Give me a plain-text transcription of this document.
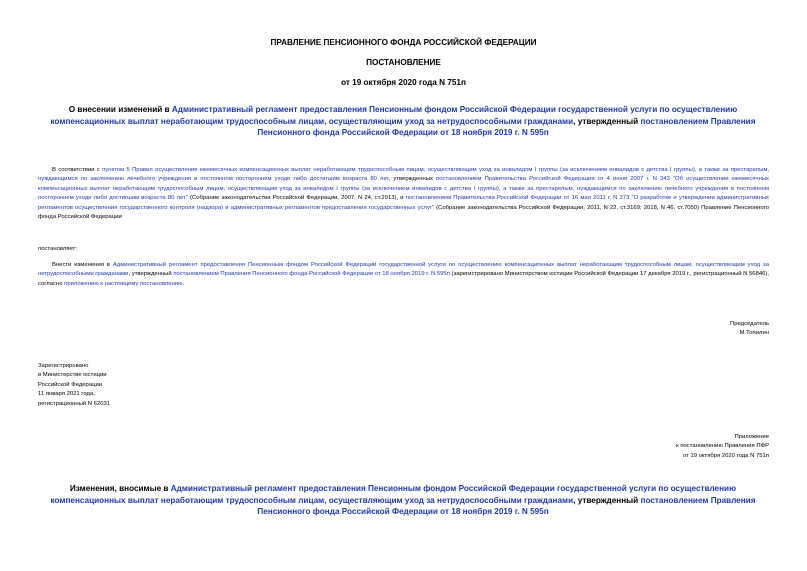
ПРАВЛЕНИЕ ПЕНСИОННОГО ФОНДА РОССИЙСКОЙ ФЕДЕРАЦИИ
ПОСТАНОВЛЕНИЕ
от 19 октября 2020 года N 751п
О внесении изменений в Административный регламент предоставления Пенсионным фондом Российской Федерации государственной услуги по осуществлению компенсационных выплат неработающим трудоспособным лицам, осуществляющим уход за нетрудоспособными гражданами, утвержденный постановлением Правления Пенсионного фонда Российской Федерации от 18 ноября 2019 г. N 595п
В соответствии с пунктом 5 Правил осуществления ежемесячных компенсационных выплат неработающим трудоспособным лицам, осуществляющим уход за инвалидом I группы (за исключением инвалидов с детства I группы), а также за престарелым, нуждающимся по заключению лечебного учреждения в постоянном постороннем уходе либо достигшим возраста 80 лет, утвержденных постановлением Правительства Российской Федерации от 4 июня 2007 г. N 343 "Об осуществлении ежемесячных компенсационных выплат неработающим трудоспособным лицам, осуществляющим уход за инвалидом I группы (за исключением инвалидов с детства I группы), а также за престарелым, нуждающимся по заключению лечебного учреждения в постоянном постороннем уходе либо достигшим возраста 80 лет" (Собрание законодательства Российской Федерации, 2007, N 24, ст.2913), и постановлением Правительства Российской Федерации от 16 мая 2011 г. N 373 "О разработке и утверждении административных регламентов осуществления государственного контроля (надзора) и административных регламентов предоставления государственных услуг" (Собрание законодательства Российской Федерации, 2011, N 22, ст.3169; 2018, N 46, ст.7050) Правление Пенсионного фонда Российской Федерации
постановляет:
Внести изменения в Административный регламент предоставления Пенсионным фондом Российской Федерации государственной услуги по осуществлению компенсационных выплат неработающим трудоспособным лицам, осуществляющим уход за нетрудоспособными гражданами, утвержденный постановлением Правления Пенсионного фонда Российской Федерации от 18 ноября 2019 г. N 595п (зарегистрировано Министерством юстиции Российской Федерации 17 декабря 2019 г., регистрационный N 56846), согласно приложению к настоящему постановлению.
Председатель
М.Топилин
Зарегистрировано
в Министерстве юстиции
Российской Федерации
11 января 2021 года,
регистрационный N 62031
Приложение
к постановлению Правления ПФР
от 19 октября 2020 года N 751п
Изменения, вносимые в Административный регламент предоставления Пенсионным фондом Российской Федерации государственной услуги по осуществлению компенсационных выплат неработающим трудоспособным лицам, осуществляющим уход за нетрудоспособными гражданами, утвержденный постановлением Правления Пенсионного фонда Российской Федерации от 18 ноября 2019 г. N 595п
